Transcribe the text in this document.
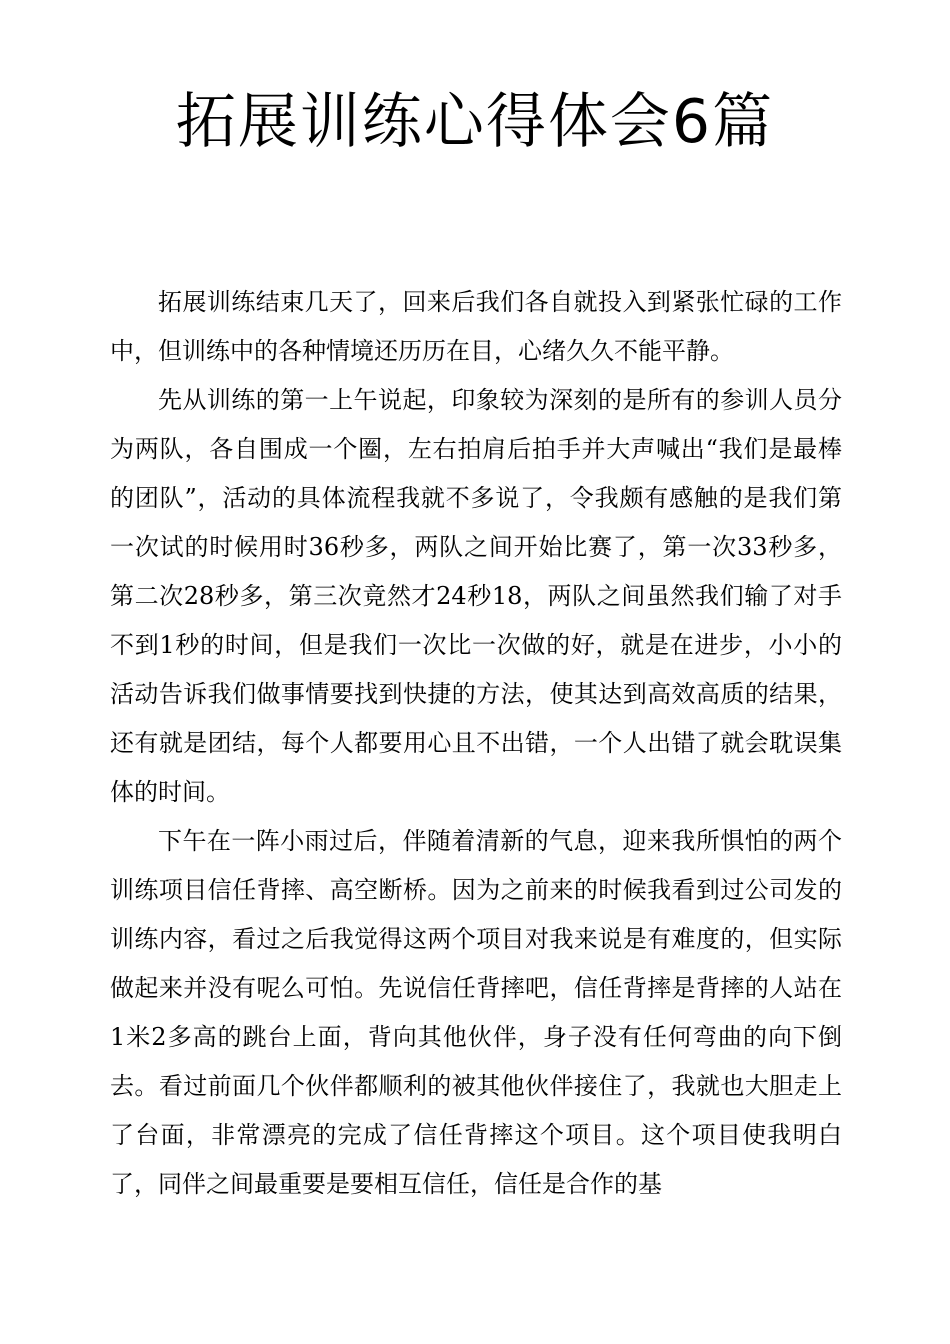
拓展训练心得体会6篇

拓展训练结束几天了，回来后我们各自就投入到紧张忙碌的工作中，但训练中的各种情境还历历在目，心绪久久不能平静。

先从训练的第一上午说起，印象较为深刻的是所有的参训人员分为两队，各自围成一个圈，左右拍肩后拍手并大声喊出“我们是最棒的团队”，活动的具体流程我就不多说了，令我颇有感触的是我们第一次试的时候用时36秒多，两队之间开始比赛了，第一次33秒多，第二次28秒多，第三次竟然才24秒18，两队之间虽然我们输了对手不到1秒的时间，但是我们一次比一次做的好，就是在进步，小小的活动告诉我们做事情要找到快捷的方法，使其达到高效高质的结果，还有就是团结，每个人都要用心且不出错，一个人出错了就会耽误集体的时间。

下午在一阵小雨过后，伴随着清新的气息，迎来我所惧怕的两个训练项目信任背摔、高空断桥。因为之前来的时候我看到过公司发的训练内容，看过之后我觉得这两个项目对我来说是有难度的，但实际做起来并没有呢么可怕。先说信任背摔吧，信任背摔是背摔的人站在1米2多高的跳台上面，背向其他伙伴，身子没有任何弯曲的向下倒去。看过前面几个伙伴都顺利的被其他伙伴接住了，我就也大胆走上了台面，非常漂亮的完成了信任背摔这个项目。这个项目使我明白了，同伴之间最重要是要相互信任，信任是合作的基
